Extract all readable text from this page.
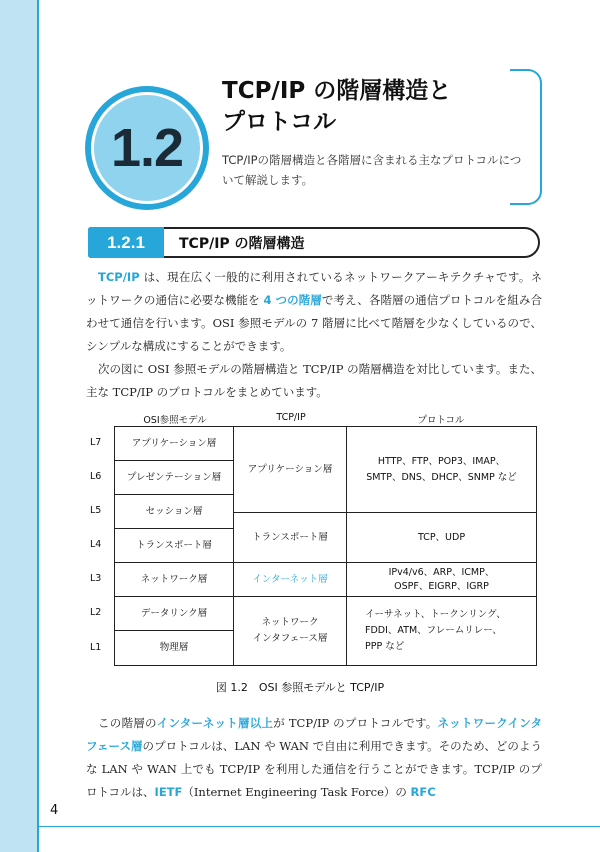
1.2
TCP/IP の階層構造と
プロトコル
TCP/IPの階層構造と各階層に含まれる主なプロトコルについて解説します。
1.2.1 TCP/IP の階層構造

TCP/IP は、現在広く一般的に利用されているネットワークアーキテクチャです。ネットワークの通信に必要な機能を 4 つの階層で考え、各階層の通信プロトコルを組み合わせて通信を行います。OSI 参照モデルの 7 階層に比べて階層を少なくしているので、シンプルな構成にすることができます。

次の図に OSI 参照モデルの階層構造と TCP/IP の階層構造を対比しています。また、主な TCP/IP のプロトコルをまとめています。

OSI参照モデル	TCP/IP	プロトコル
L7
L6
L5
L4
L3
L2
L1
アプリケーション層
プレゼンテーション層
セッション層
トランスポート層
ネットワーク層
データリンク層
物理層
アプリケーション層
トランスポート層
インターネット層
ネットワーク
インタフェース層
HTTP、FTP、POP3、IMAP、
SMTP、DNS、DHCP、SNMP など
TCP、UDP
IPv4/v6、ARP、ICMP、
OSPF、EIGRP、IGRP
イーサネット、トークンリング、
FDDI、ATM、フレームリレー、
PPP など
図 1.2　OSI 参照モデルと TCP/IP

この階層のインターネット層以上が TCP/IP のプロトコルです。ネットワークインタフェース層のプロトコルは、LAN や WAN で自由に利用できます。そのため、どのような LAN や WAN 上でも TCP/IP を利用した通信を行うことができます。TCP/IP のプロトコルは、IETF（Internet Engineering Task Force）の RFC

4
